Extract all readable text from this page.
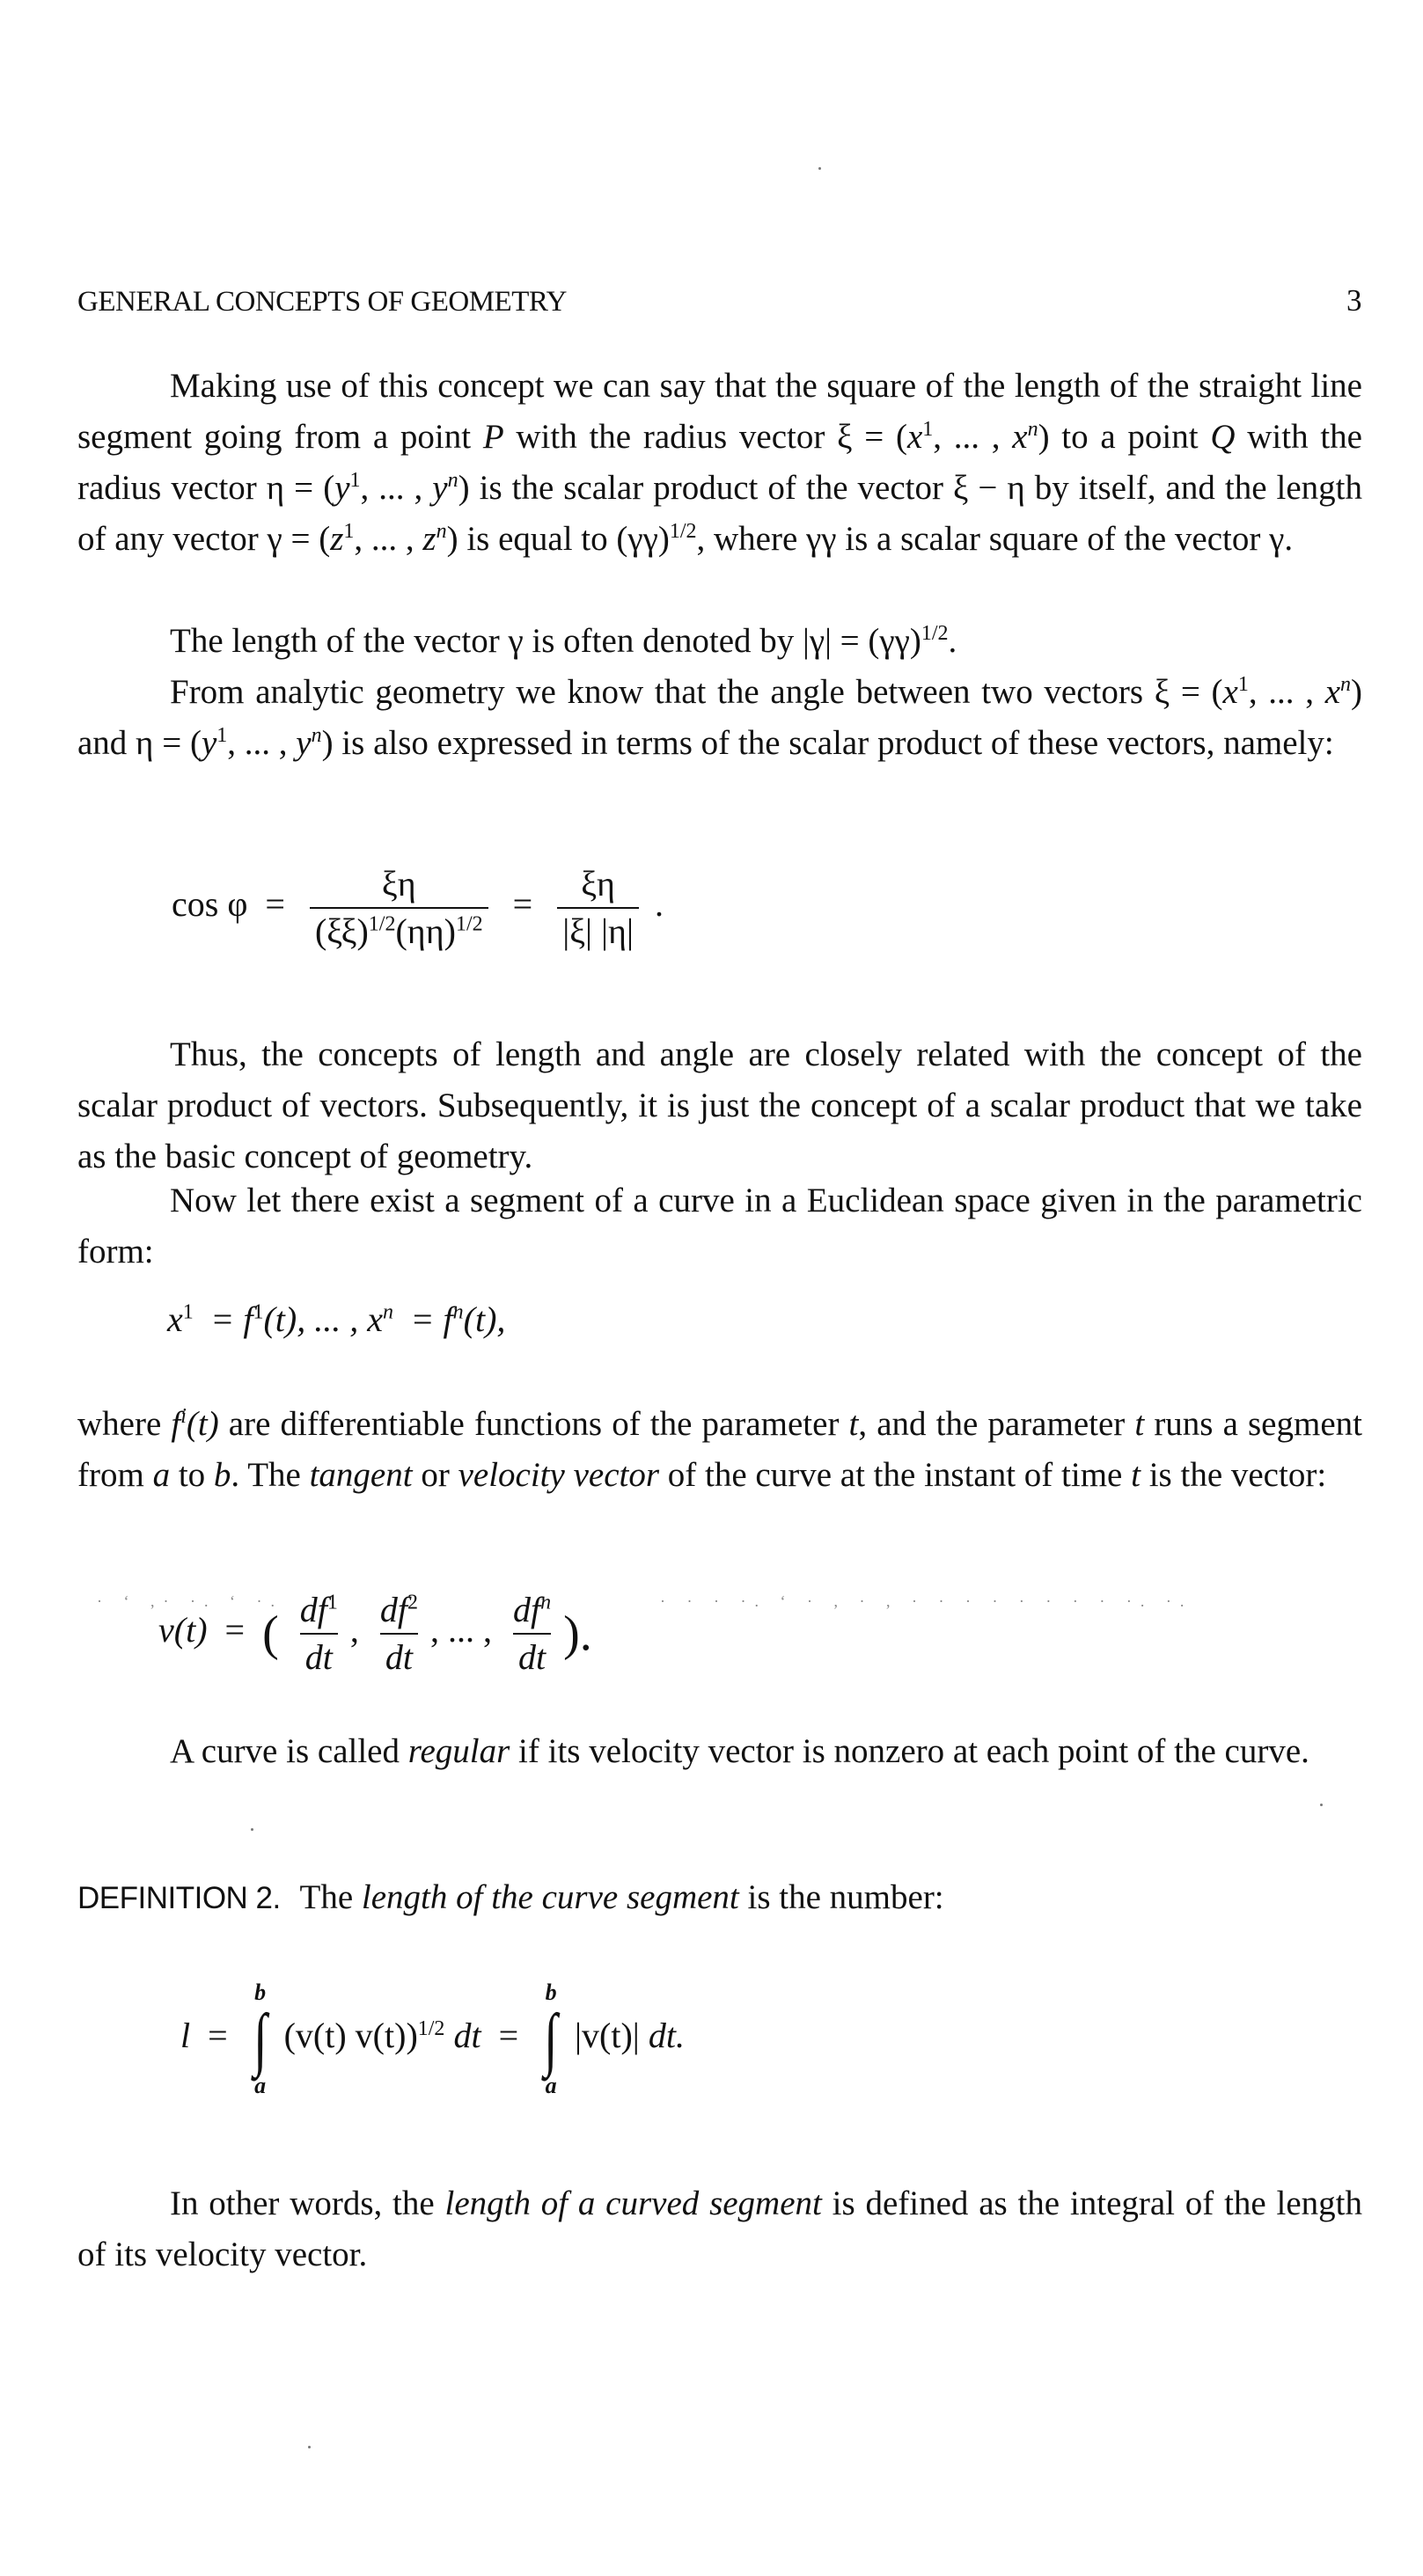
GENERAL CONCEPTS OF GEOMETRY	3
Making use of this concept we can say that the square of the length of the straight line segment going from a point P with the radius vector $\xi = (x^1$, ... , $x^n$) to a point Q with the radius vector $\eta = (y^1$, ... , $y^n$) is the scalar product of the vector ξ − η by itself, and the length of any vector $\gamma = (z^1$, ... , $z^n$) is equal to $(\gamma\gamma)^{1/2}$, where γγ is a scalar square of the vector γ.
The length of the vector γ is often denoted by $|\gamma| = (\gamma\gamma)^{1/2}$.
From analytic geometry we know that the angle between two vectors $\xi = (x^1$, ... , $x^n$) and $\eta = (y^1$, ... , $y^n$) is also expressed in terms of the scalar product of these vectors, namely:
$\cos \varphi = \frac{\xi\eta}{(\xi\xi)^{1/2}(\eta\eta)^{1/2}} = \frac{\xi\eta}{|\xi| |\eta|}$ .
Thus, the concepts of length and angle are closely related with the concept of the scalar product of vectors. Subsequently, it is just the concept of a scalar product that we take as the basic concept of geometry.
Now let there exist a segment of a curve in a Euclidean space given in the parametric form:
$x^1 = f^1(t)$, ... , $x^n = f^n(t)$,
where $f^i(t)$ are differentiable functions of the parameter t, and the parameter t runs a segment from a to b. The tangent or velocity vector of the curve at the instant of time t is the vector:
· ‘ ,· ·. ‘ ·.	· · · ·. ‘ · , · , · · · · · · · · ·. ·.
v(t) = ( $\frac{df^1}{dt}$ , $\frac{df^2}{dt}$ , ... , $\frac{df^n}{dt}$ ).
A curve is called regular if its velocity vector is nonzero at each point of the curve.
DEFINITION 2. The length of the curve segment is the number:
l =
b
∫
a
(v(t) v(t))$^{1/2}$ dt =
b
∫
a
|v(t)| dt.
In other words, the length of a curved segment is defined as the integral of the length of its velocity vector.
